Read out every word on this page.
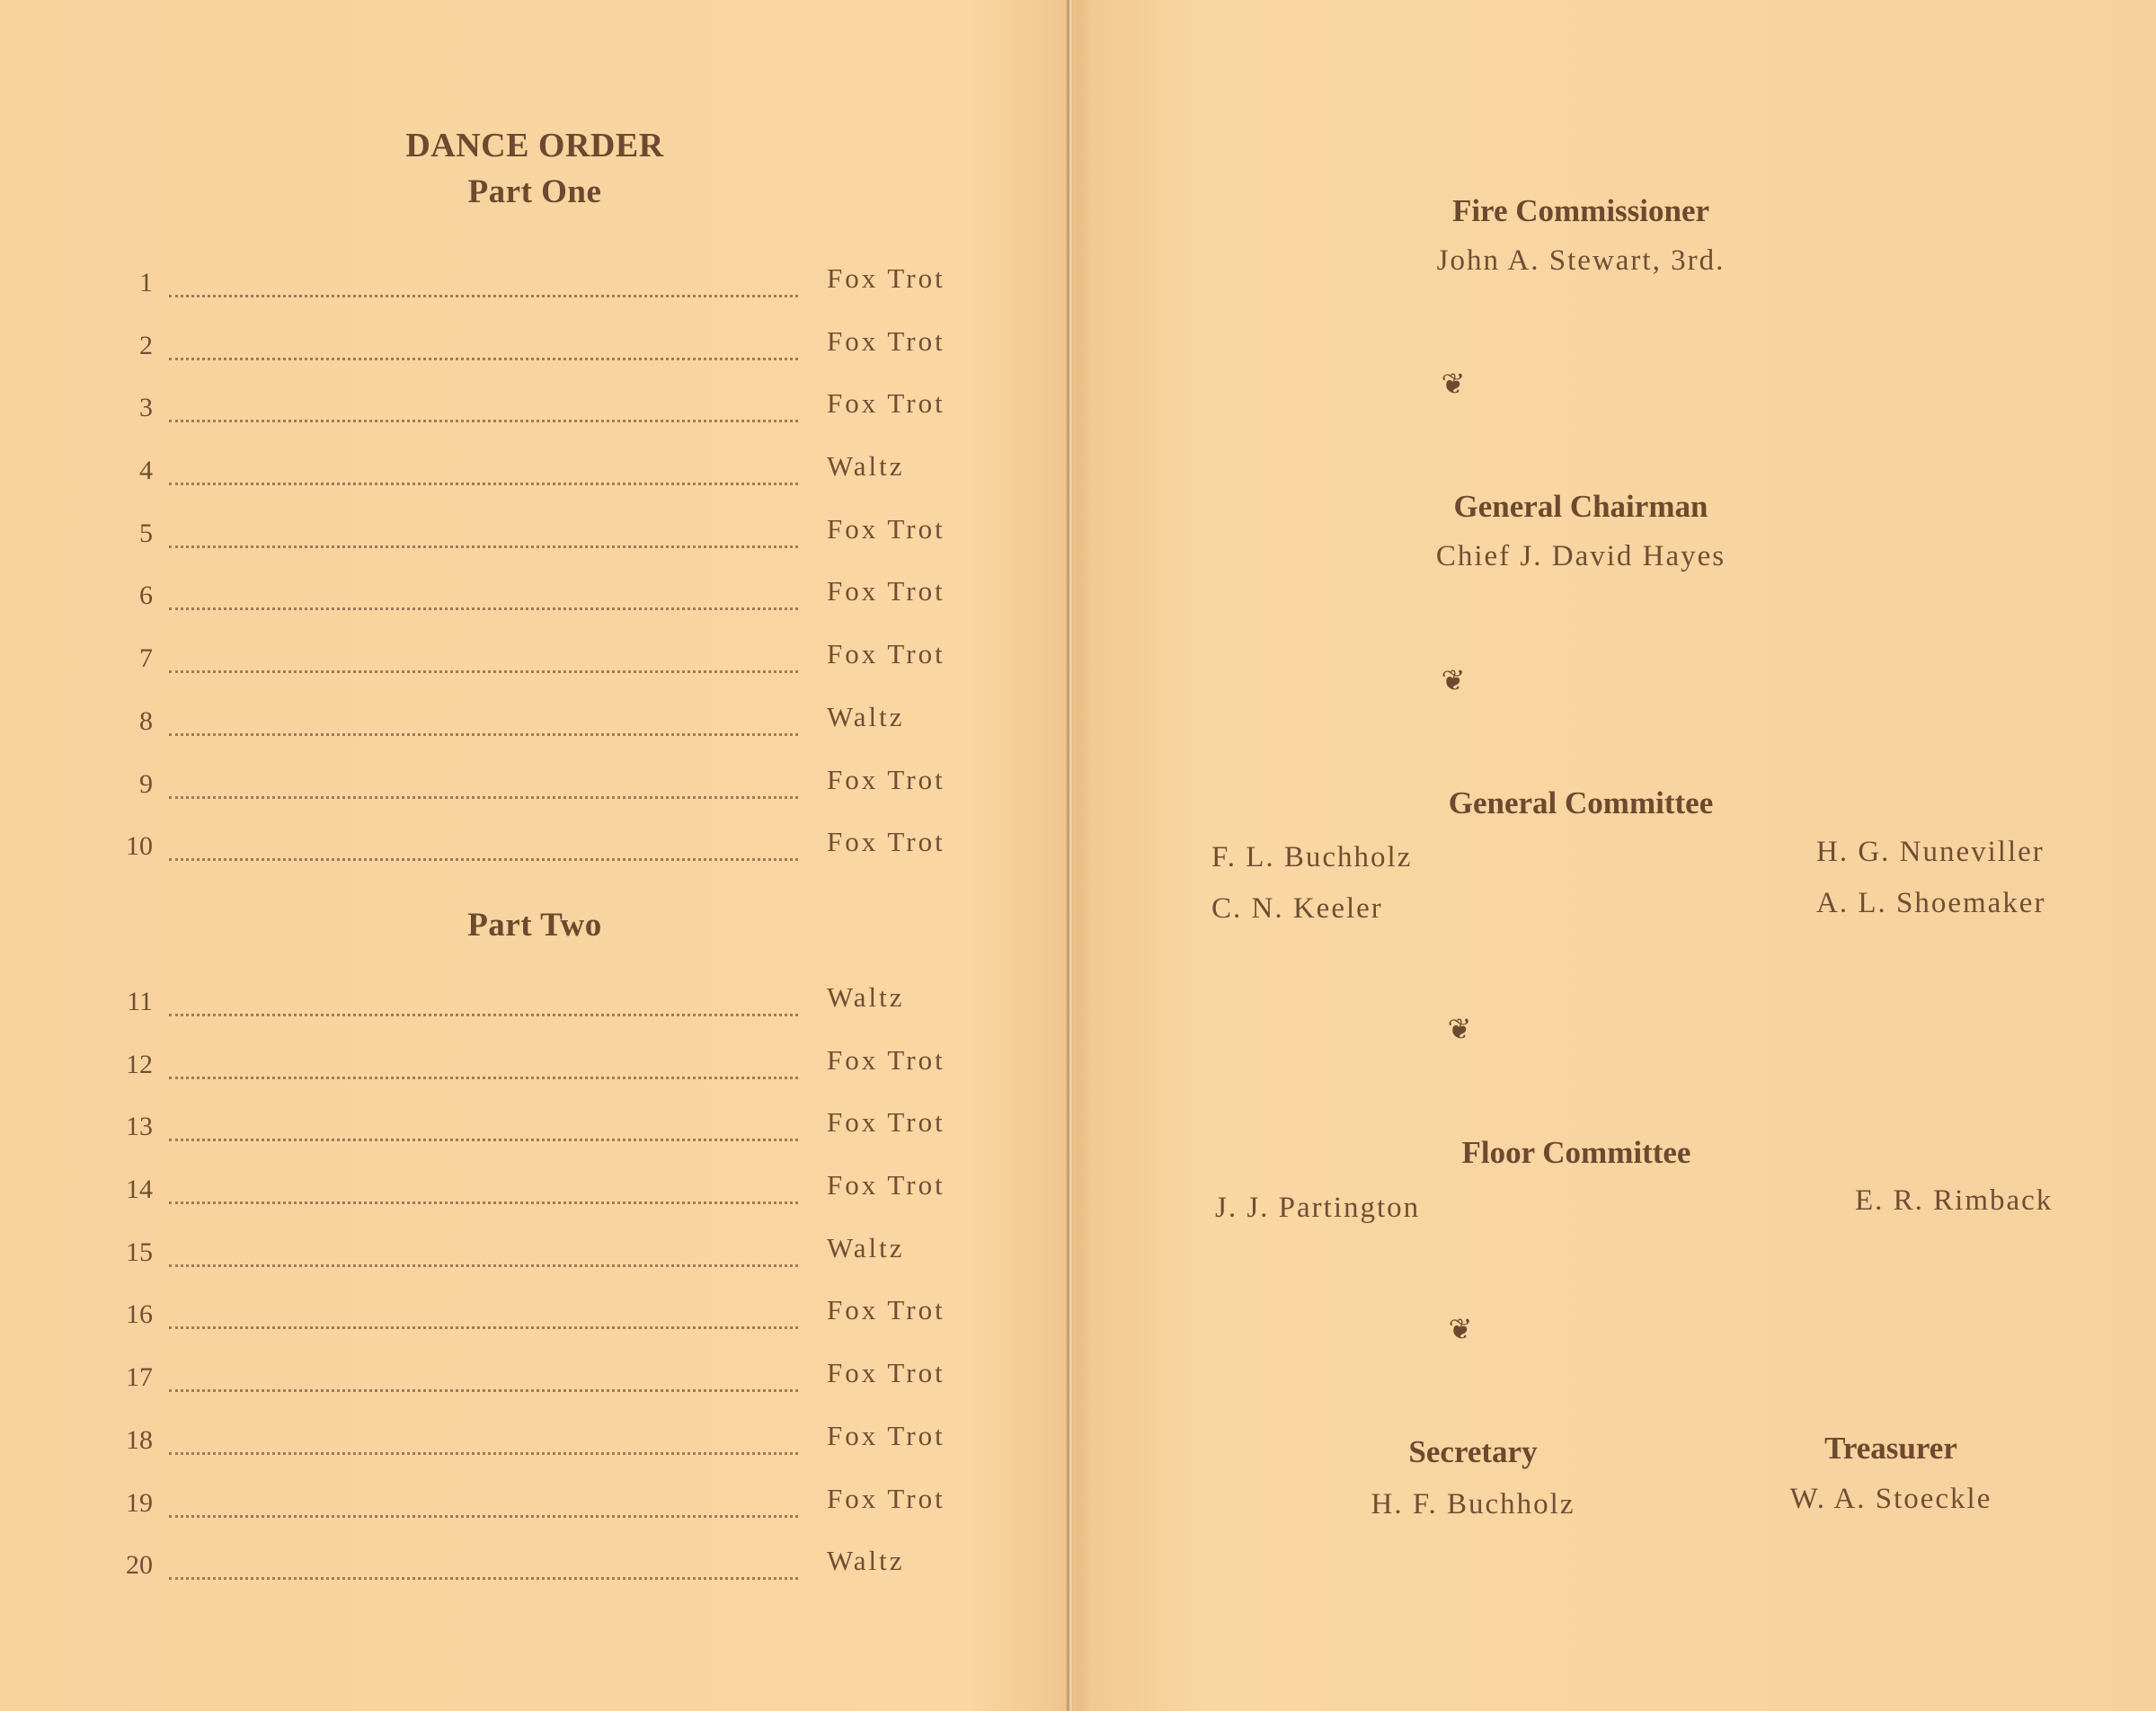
DANCE ORDER
Part One
1	Fox Trot
2	Fox Trot
3	Fox Trot
4	Waltz
5	Fox Trot
6	Fox Trot
7	Fox Trot
8	Waltz
9	Fox Trot
10	Fox Trot
Part Two
11	Waltz
12	Fox Trot
13	Fox Trot
14	Fox Trot
15	Waltz
16	Fox Trot
17	Fox Trot
18	Fox Trot
19	Fox Trot
20	Waltz
Fire Commissioner
John A. Stewart, 3rd.
❦
General Chairman
Chief J. David Hayes
❦
General Committee
F. L. Buchholz
C. N. Keeler
H. G. Nuneviller
A. L. Shoemaker
❦
Floor Committee
J. J. Partington	E. R. Rimback
❦
Secretary
H. F. Buchholz
Treasurer
W. A. Stoeckle
